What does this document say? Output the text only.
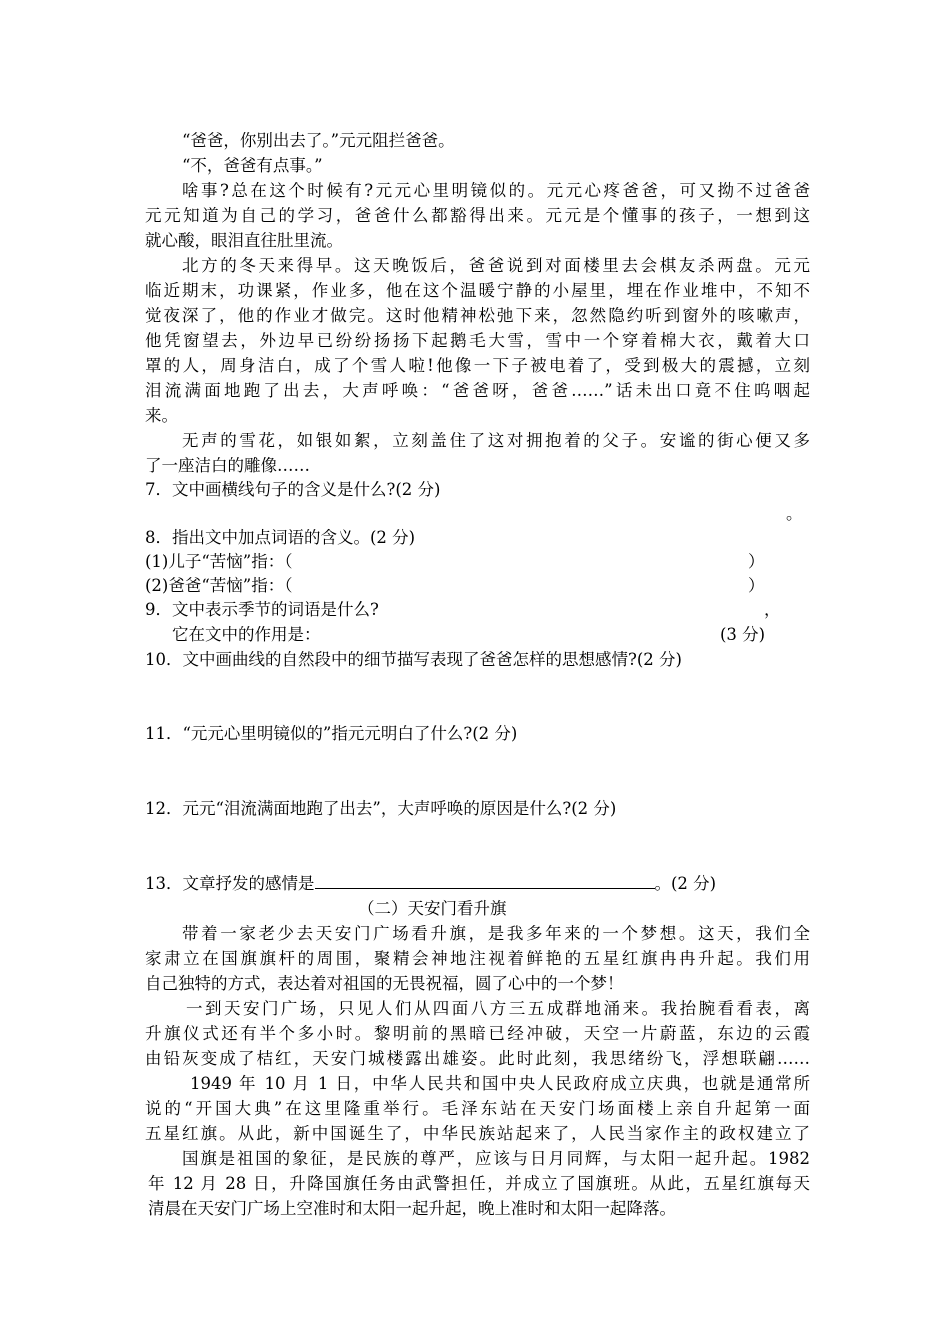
“爸爸，你别出去了。”元元阻拦爸爸。
“不，爸爸有点事。”
啥事?总在这个时候有?元元心里明镜似的。元元心疼爸爸，可又拗不过爸爸
元元知道为自己的学习，爸爸什么都豁得出来。元元是个懂事的孩子，一想到这
就心酸，眼泪直往肚里流。
北方的冬天来得早。这天晚饭后，爸爸说到对面楼里去会棋友杀两盘。元元
临近期末，功课紧，作业多，他在这个温暖宁静的小屋里，埋在作业堆中，不知不
觉夜深了，他的作业才做完。这时他精神松弛下来，忽然隐约听到窗外的咳嗽声，
他凭窗望去，外边早已纷纷扬扬下起鹅毛大雪，雪中一个穿着棉大衣，戴着大口
罩的人，周身洁白，成了个雪人啦!他像一下子被电着了，受到极大的震撼，立刻
泪流满面地跑了出去，大声呼唤：“爸爸呀，爸爸……”话未出口竟不住呜咽起
来。
无声的雪花，如银如絮，立刻盖住了这对拥抱着的父子。安谧的街心便又多
了一座洁白的雕像……
7．文中画横线句子的含义是什么?(2 分)
。
8．指出文中加点词语的含义。(2 分)
(1)儿子“苦恼”指：（	）
(2)爸爸“苦恼”指：（	）
9．文中表示季节的词语是什么?	，
它在文中的作用是：	(3 分)
10．文中画曲线的自然段中的细节描写表现了爸爸怎样的思想感情?(2 分)
11．“元元心里明镜似的”指元元明白了什么?(2 分)
12．元元“泪流满面地跑了出去”，大声呼唤的原因是什么?(2 分)
13．文章抒发的感情是	。(2 分)
（二）天安门看升旗
带着一家老少去天安门广场看升旗，是我多年来的一个梦想。这天，我们全
家肃立在国旗旗杆的周围，聚精会神地注视着鲜艳的五星红旗冉冉升起。我们用
自己独特的方式，表达着对祖国的无畏祝福，圆了心中的一个梦！
一到天安门广场，只见人们从四面八方三五成群地涌来。我抬腕看看表，离
升旗仪式还有半个多小时。黎明前的黑暗已经冲破，天空一片蔚蓝，东边的云霞
由铅灰变成了桔红，天安门城楼露出雄姿。此时此刻，我思绪纷飞，浮想联翩……
1949 年 10 月 1 日，中华人民共和国中央人民政府成立庆典，也就是通常所
说的“开国大典”在这里隆重举行。毛泽东站在天安门场面楼上亲自升起第一面
五星红旗。从此，新中国诞生了，中华民族站起来了，人民当家作主的政权建立了
国旗是祖国的象征，是民族的尊严，应该与日月同辉，与太阳一起升起。1982
年 12 月 28 日，升降国旗任务由武警担任，并成立了国旗班。从此，五星红旗每天
清晨在天安门广场上空准时和太阳一起升起，晚上准时和太阳一起降落。
